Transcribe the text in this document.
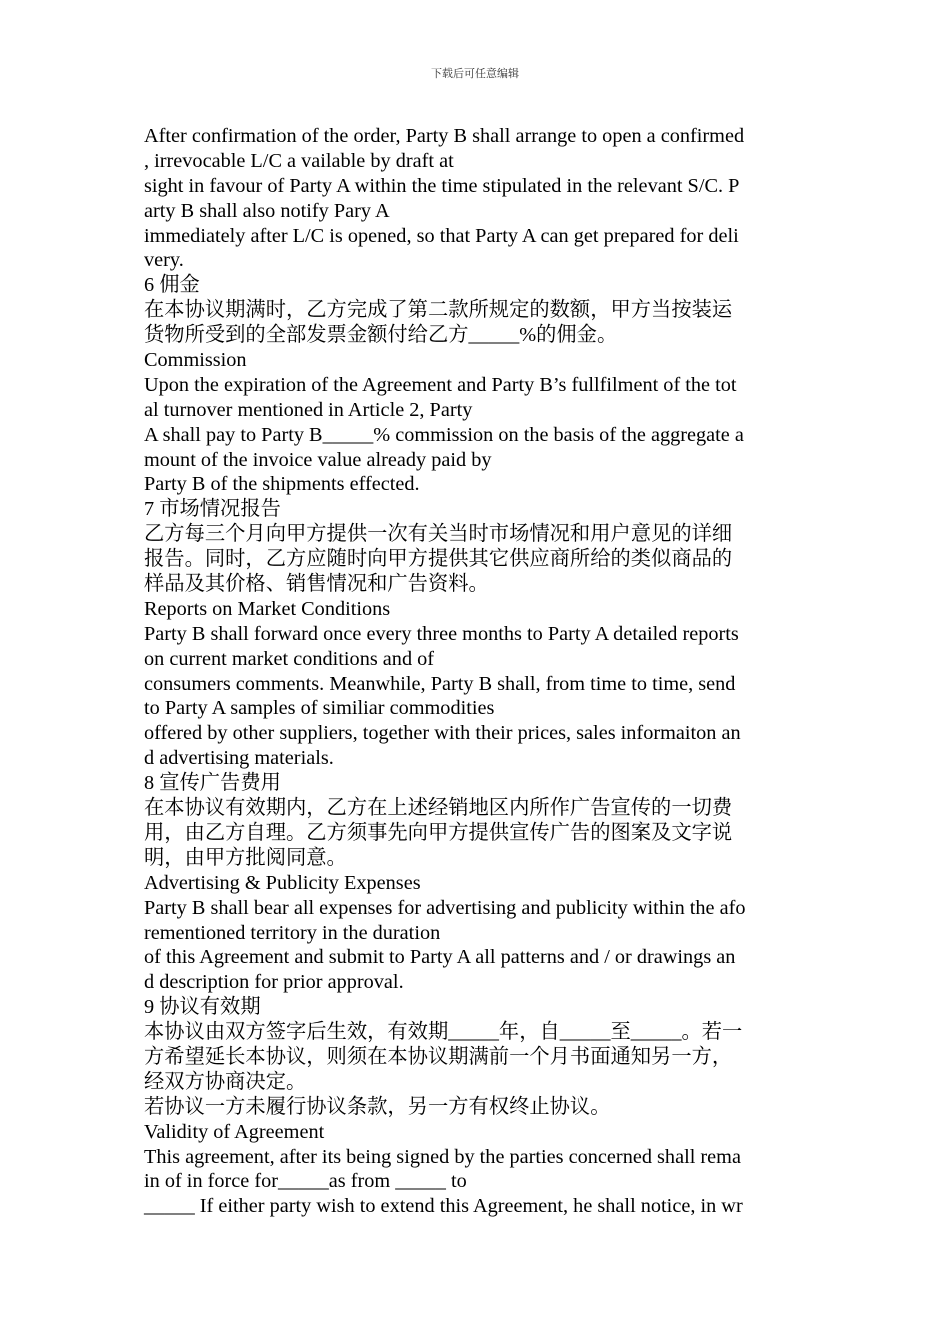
下载后可任意编辑
After confirmation of the order, Party B shall arrange to open a confirmed
, irrevocable L/C a vailable by draft at
sight in favour of Party A within the time stipulated in the relevant S/C. P
arty B shall also notify Pary A
immediately after L/C is opened, so that Party A can get prepared for deli
very.
6 佣金
在本协议期满时，乙方完成了第二款所规定的数额，甲方当按装运
货物所受到的全部发票金额付给乙方_____%的佣金。
Commission
Upon the expiration of the Agreement and Party B’s fullfilment of the tot
al turnover mentioned in Article 2, Party
A shall pay to Party B_____% commission on the basis of the aggregate a
mount of the invoice value already paid by
Party B of the shipments effected.
7 市场情况报告
乙方每三个月向甲方提供一次有关当时市场情况和用户意见的详细
报告。同时，乙方应随时向甲方提供其它供应商所给的类似商品的
样品及其价格、销售情况和广告资料。
Reports on Market Conditions
Party B shall forward once every three months to Party A detailed reports
on current market conditions and of
consumers comments. Meanwhile, Party B shall, from time to time, send
to Party A samples of similiar commodities
offered by other suppliers, together with their prices, sales informaiton an
d advertising materials.
8 宣传广告费用
在本协议有效期内，乙方在上述经销地区内所作广告宣传的一切费
用，由乙方自理。乙方须事先向甲方提供宣传广告的图案及文字说
明，由甲方批阅同意。
Advertising & Publicity Expenses
Party B shall bear all expenses for advertising and publicity within the afo
rementioned territory in the duration
of this Agreement and submit to Party A all patterns and / or drawings an
d description for prior approval.
9 协议有效期
本协议由双方签字后生效，有效期_____年，自_____至_____。若一
方希望延长本协议，则须在本协议期满前一个月书面通知另一方，
经双方协商决定。
若协议一方未履行协议条款，另一方有权终止协议。
Validity of Agreement
This agreement, after its being signed by the parties concerned shall rema
in of in force for_____as from _____ to
_____ If either party wish to extend this Agreement, he shall notice, in wr
